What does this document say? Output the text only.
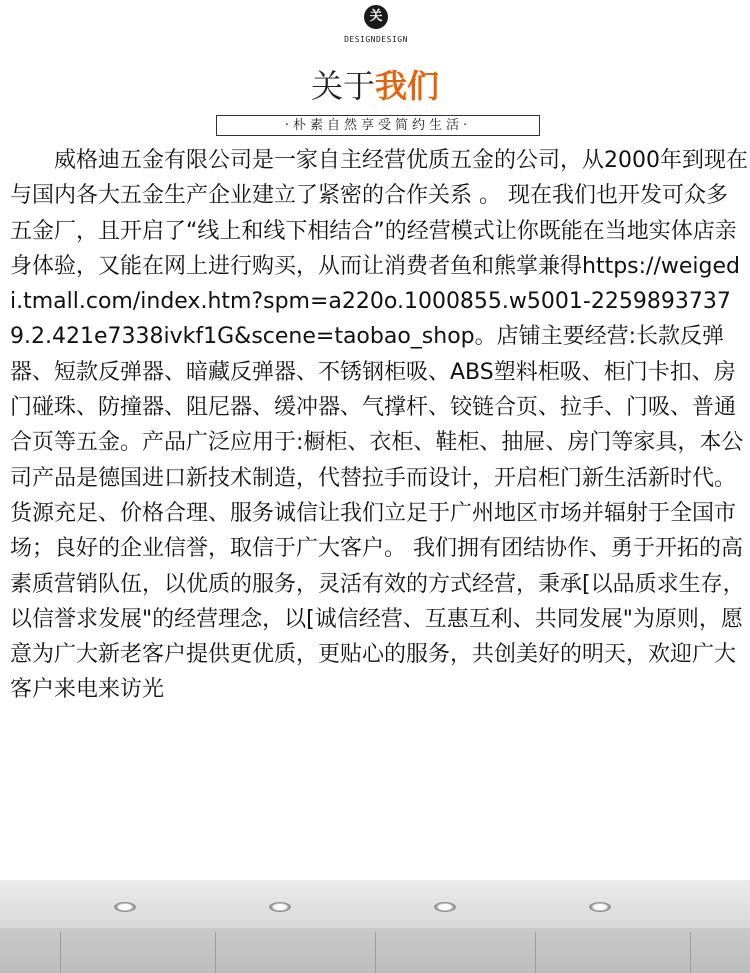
关
DESIGNDESIGN
关于我们
·朴素自然享受简约生活·
威格迪五金有限公司是一家自主经营优质五金的公司，从2000年到现在与国内各大五金生产企业建立了紧密的合作关系 。 现在我们也开发可众多五金厂，且开启了“线上和线下相结合”的经营模式让你既能在当地实体店亲身体验，又能在网上进行购买，从而让消费者鱼和熊掌兼得https://weigedi.tmall.com/index.htm?spm=a220o.1000855.w5001-22598937379.2.421e7338ivkf1G&scene=taobao_shop。店铺主要经营:长款反弹器、短款反弹器、暗藏反弹器、不锈钢柜吸、ABS塑料柜吸、柜门卡扣、房门碰珠、防撞器、阻尼器、缓冲器、气撑杆、铰链合页、拉手、门吸、普通合页等五金。产品广泛应用于:橱柜、衣柜、鞋柜、抽屉、房门等家具，本公司产品是德国进口新技术制造，代替拉手而设计，开启柜门新生活新时代。 货源充足、价格合理、服务诚信让我们立足于广州地区市场并辐射于全国市场；良好的企业信誉，取信于广大客户。 我们拥有团结协作、勇于开拓的高素质营销队伍，以优质的服务，灵活有效的方式经营，秉承[以品质求生存，以信誉求发展"的经营理念，以[诚信经营、互惠互利、共同发展"为原则，愿意为广大新老客户提供更优质，更贴心的服务，共创美好的明天，欢迎广大客户来电来访光
